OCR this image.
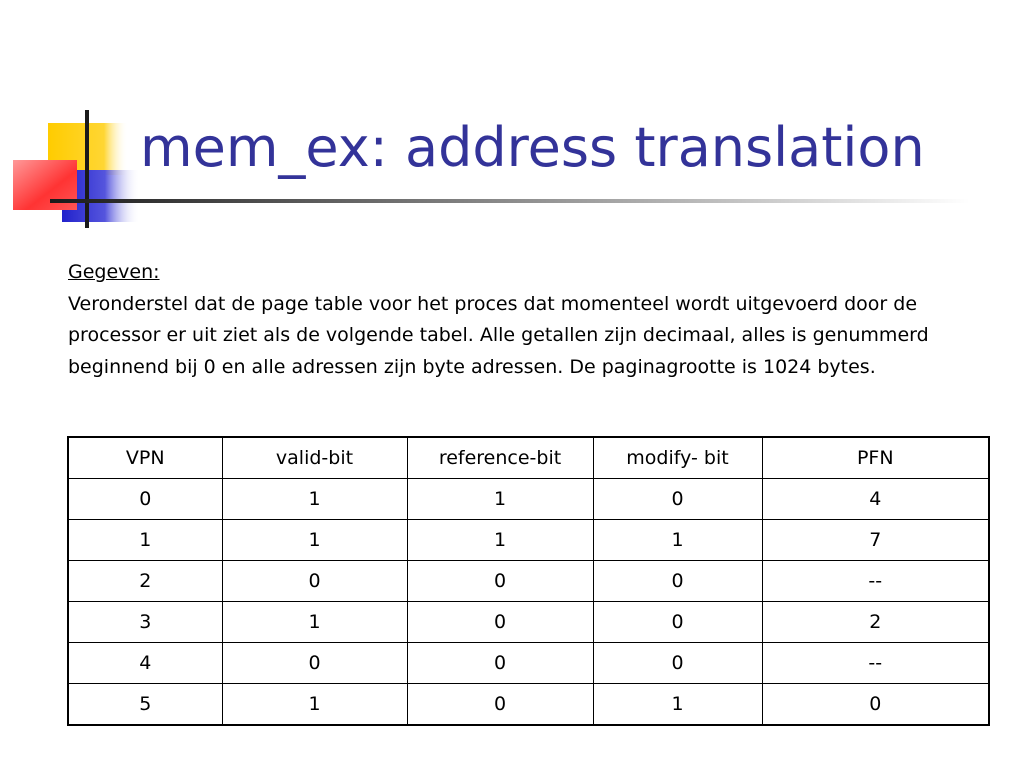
mem_ex: address translation
Gegeven:
Veronderstel dat de page table voor het proces dat momenteel wordt uitgevoerd door de processor er uit ziet als de volgende tabel. Alle getallen zijn decimaal, alles is genummerd beginnend bij 0 en alle adressen zijn byte adressen. De paginagrootte is 1024 bytes.
VPN	valid-bit	reference-bit	modify- bit	PFN
0	1	1	0	4
1	1	1	1	7
2	0	0	0	--
3	1	0	0	2
4	0	0	0	--
5	1	0	1	0
